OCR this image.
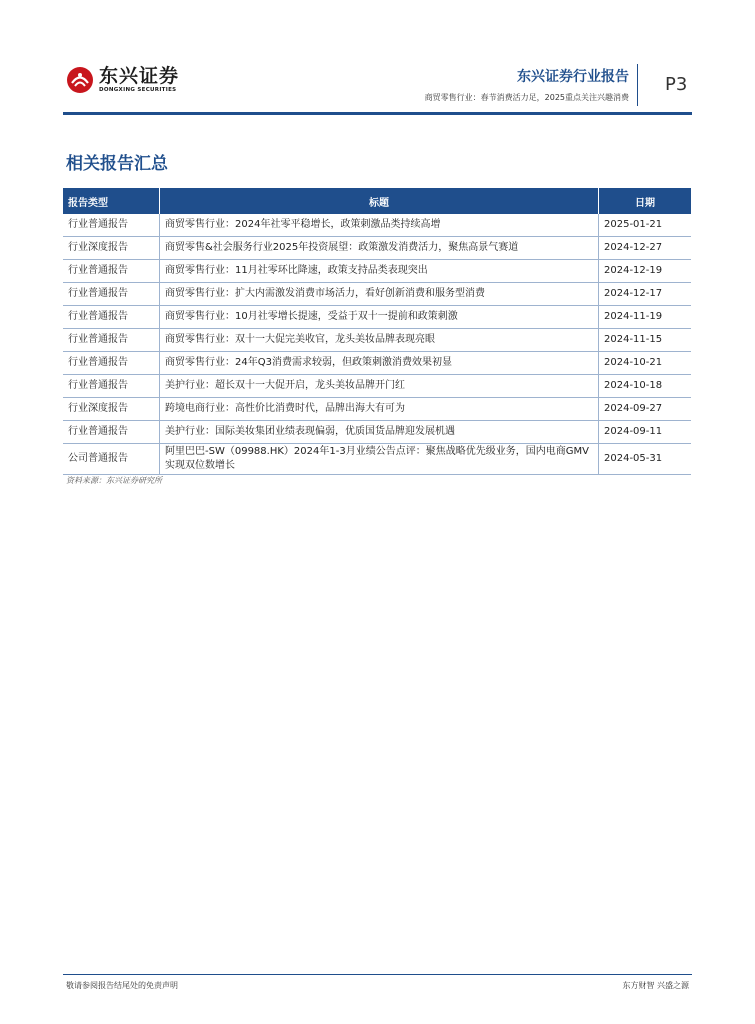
东兴证券
DONGXING SECURITIES
东兴证券行业报告
商贸零售行业：春节消费活力足，2025重点关注兴趣消费
P3
相关报告汇总
报告类型	标题	日期
行业普通报告	商贸零售行业：2024年社零平稳增长，政策刺激品类持续高增	2025-01-21
行业深度报告	商贸零售&社会服务行业2025年投资展望：政策激发消费活力，聚焦高景气赛道	2024-12-27
行业普通报告	商贸零售行业：11月社零环比降速，政策支持品类表现突出	2024-12-19
行业普通报告	商贸零售行业：扩大内需激发消费市场活力，看好创新消费和服务型消费	2024-12-17
行业普通报告	商贸零售行业：10月社零增长提速，受益于双十一提前和政策刺激	2024-11-19
行业普通报告	商贸零售行业：双十一大促完美收官，龙头美妆品牌表现亮眼	2024-11-15
行业普通报告	商贸零售行业：24年Q3消费需求较弱，但政策刺激消费效果初显	2024-10-21
行业普通报告	美护行业：超长双十一大促开启，龙头美妆品牌开门红	2024-10-18
行业深度报告	跨境电商行业：高性价比消费时代，品牌出海大有可为	2024-09-27
行业普通报告	美护行业：国际美妆集团业绩表现偏弱，优质国货品牌迎发展机遇	2024-09-11
公司普通报告	阿里巴巴-SW（09988.HK）2024年1-3月业绩公告点评：聚焦战略优先级业务，国内电商GMV实现双位数增长	2024-05-31
资料来源：东兴证券研究所
敬请参阅报告结尾处的免责声明	东方财智 兴盛之源
